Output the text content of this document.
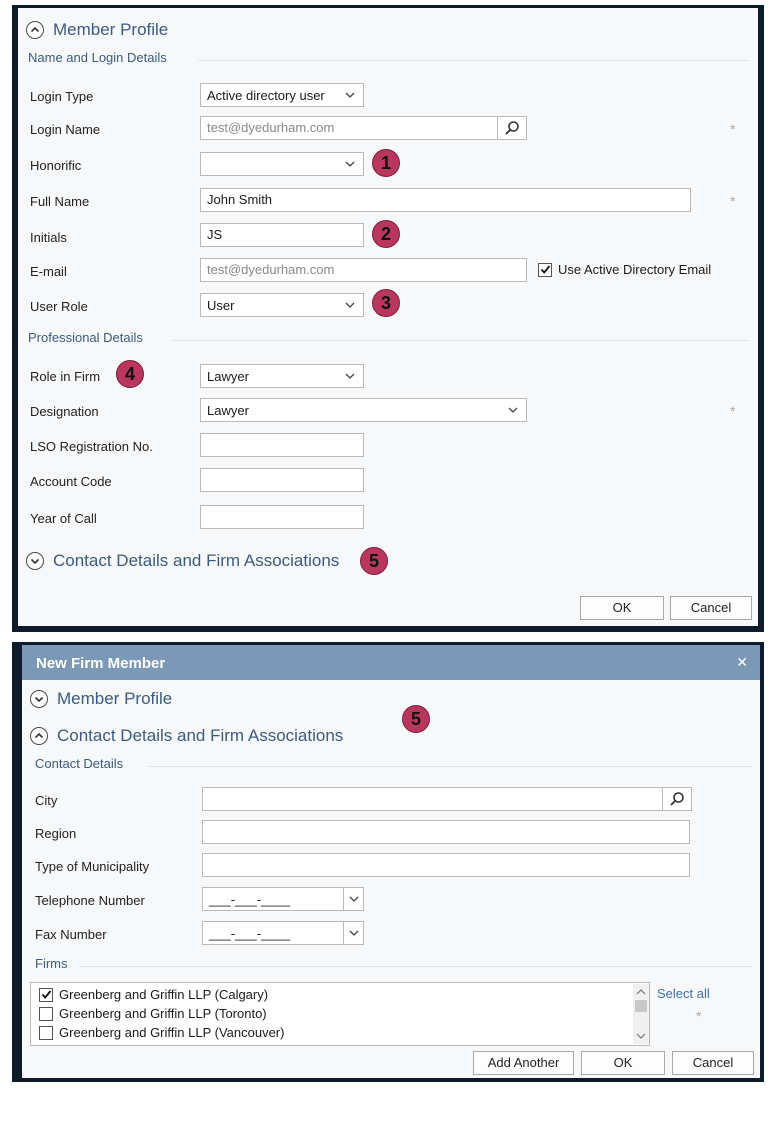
Member Profile
Name and Login Details
Login Type	Active directory user
Login Name	test@dyedurham.com	*
Honorific	1
Full Name	John Smith	*
Initials	JS	2
E-mail	test@dyedurham.com	Use Active Directory Email
User Role	User	3
Professional Details
Role in Firm	4	Lawyer
Designation	Lawyer	*
LSO Registration No.
Account Code
Year of Call
Contact Details and Firm Associations	5
OK	Cancel
New Firm Member	✕
Member Profile
5
Contact Details and Firm Associations
Contact Details
City
Region
Type of Municipality
Telephone Number	___-___-____
Fax Number	___-___-____
Firms
Greenberg and Griffin LLP (Calgary)
Greenberg and Griffin LLP (Toronto)
Greenberg and Griffin LLP (Vancouver)
Select all
*
Add Another	OK	Cancel
